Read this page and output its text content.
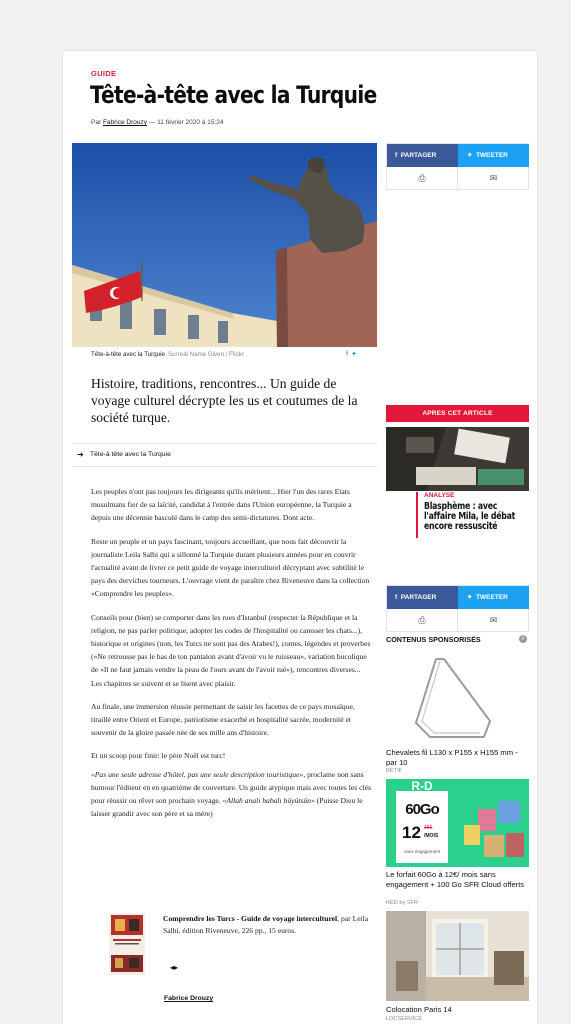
GUIDE
Tête-à-tête avec la Turquie
Par Fabrice Drouzy — 11 février 2020 à 15:24
Tête-à-tête avec la Turquie Surreal Name Given / Flickr	f✦

Histoire, traditions, rencontres... Un guide de voyage culturel décrypte les us et coutumes de la société turque.

➜ Tête-à tête avec la Turquie

Les peuples n'ont pas toujours les dirigeants qu'ils méritent... Hier l'un des rares Etats musulmans fier de sa laïcité, candidat à l'entrée dans l'Union européenne, la Turquie a depuis une décennie basculé dans le camp des semi-dictatures. Dont acte.

Reste un peuple et un pays fascinant, toujours accueillant, que nous fait découvrir la journaliste Leila Salhi qui a sillonné la Turquie durant plusieurs années pour en couvrir l'actualité avant de livrer ce petit guide de voyage interculturel décryptant avec subtilité le pays des derviches tourneurs. L'ouvrage vient de paraître chez Riveneuve dans la collection «Comprendre les peuples».

Conseils pour (bien) se comporter dans les rues d'Istanbul (respecter la République et la religion, ne pas parler politique, adopter les codes de l'hospitalité ou caresser les chats...), historique et origines (non, les Turcs ne sont pas des Arabes!), contes, légendes et proverbes («Ne retrousse pas le bas de ton pantalon avant d'avoir vu le ruisseau», variation bucolique de «Il ne faut jamais vendre la peau de l'ours avant de l'avoir tué»), rencontres diverses... Les chapitres se suivent et se lisent avec plaisir.

Au finale, une immersion réussie permettant de saisir les facettes de ce pays mosaïque, tiraillé entre Orient et Europe, patriotisme exacerbé et hospitalité sacrée, modernité et souvenir de la gloire passée née de ses mille ans d'histoire.

Et un scoop pour finir: le père Noël est turc!

«Pas une seule adresse d'hôtel, pas une seule description touristique», proclame non sans humour l'éditeur en en quatrième de couverture. Un guide atypique mais avec toutes les clés pour réussir ou rêver son prochain voyage. «Allah analı babalı büyütsün» (Puisse Dieu le laisser grandir avec son père et sa mère)

Comprendre les Turcs - Guide de voyage interculturel, par Leila Salhi, édition Riveneuve, 226 pp., 15 euros.
◂▸
Fabrice Drouzy
f PARTAGER	✦ TWEETER
⎙	✉
APRES CET ARTICLE
ANALYSE
Blasphème : avec l'affaire Mila, le débat encore ressuscité
f PARTAGER	✦ TWEETER
⎙	✉
CONTENUS SPONSORISÉS	i
Chevalets fil L130 x P155 x H155 mm - par 10
RETIF
R-D
60Go
12 15€
/MOIS
sans engagement
Le forfait 60Go à 12€/ mois sans engagement + 100 Go SFR Cloud offerts
RED by SFR
Colocation Paris 14
LOCSERVICE
